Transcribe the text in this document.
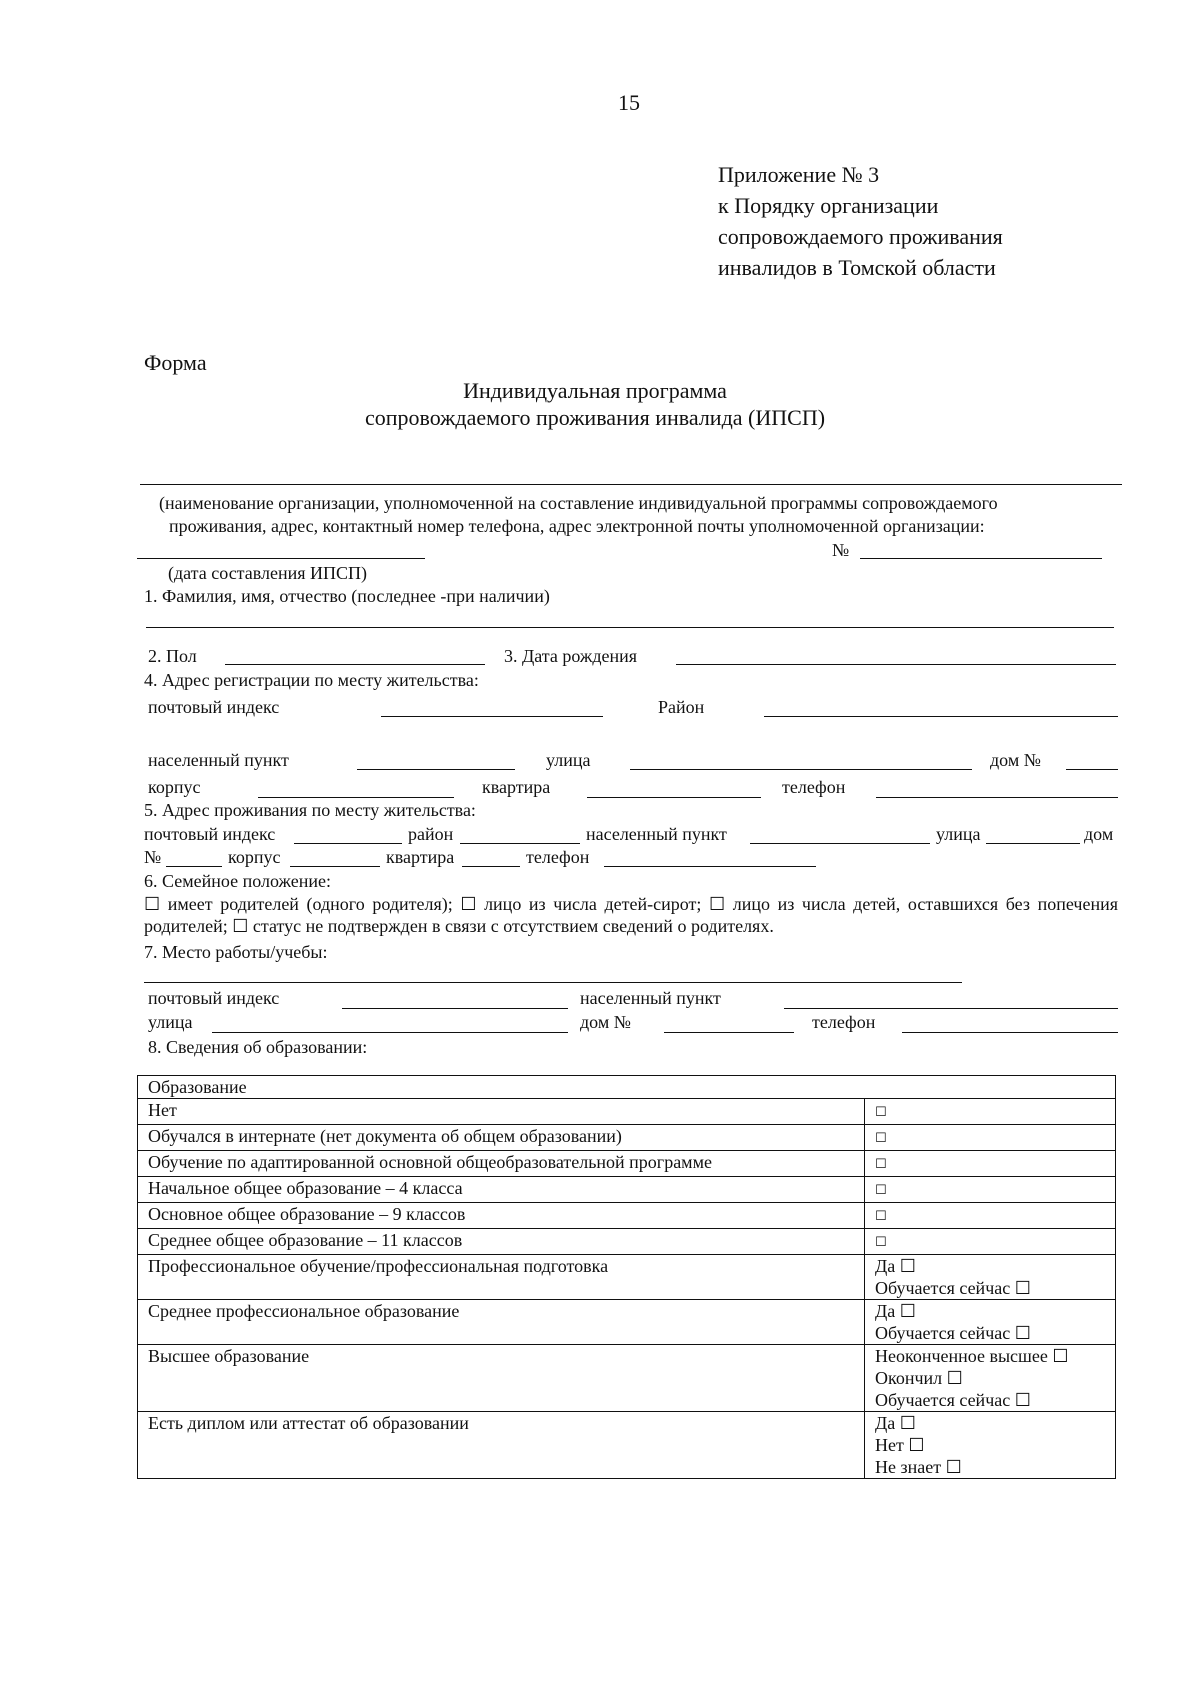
15
Приложение № 3
к Порядку организации
сопровождаемого проживания
инвалидов в Томской области
Форма
Индивидуальная программа
сопровождаемого проживания инвалида (ИПСП)
(наименование организации, уполномоченной на составление индивидуальной программы сопровождаемого
проживания, адрес, контактный номер телефона, адрес электронной почты уполномоченной организации:
№
(дата составления ИПСП)
1. Фамилия, имя, отчество (последнее -при наличии)
2. Пол	3. Дата рождения
4. Адрес регистрации по месту жительства:
почтовый индекс	Район
населенный пункт	улица	дом №
корпус	квартира	телефон
5. Адрес проживания по месту жительства:
почтовый индекс	район	населенный пункт	улица	дом
№	корпус	квартира	телефон
6. Семейное положение:
☐ имеет родителей (одного родителя); ☐ лицо из числа детей-сирот; ☐ лицо из числа детей, оставшихся без попечения родителей; ☐ статус не подтвержден в связи с отсутствием сведений о родителях.
7. Место работы/учебы:
почтовый индекс	населенный пункт
улица	дом №	телефон
8. Сведения об образовании:
Образование	
Нет	☐
Обучался в интернате (нет документа об общем образовании)	☐
Обучение по адаптированной основной общеобразовательной программе	☐
Начальное общее образование – 4 класса	☐
Основное общее образование – 9 классов	☐
Среднее общее образование – 11 классов	☐
Профессиональное обучение/профессиональная подготовка	Да ☐
Обучается сейчас ☐

Среднее профессиональное образование	Да ☐
Обучается сейчас ☐

Высшее образование	Неоконченное высшее ☐
Окончил ☐
Обучается сейчас ☐

Есть диплом или аттестат об образовании	Да ☐
Нет ☐
Не знает ☐
